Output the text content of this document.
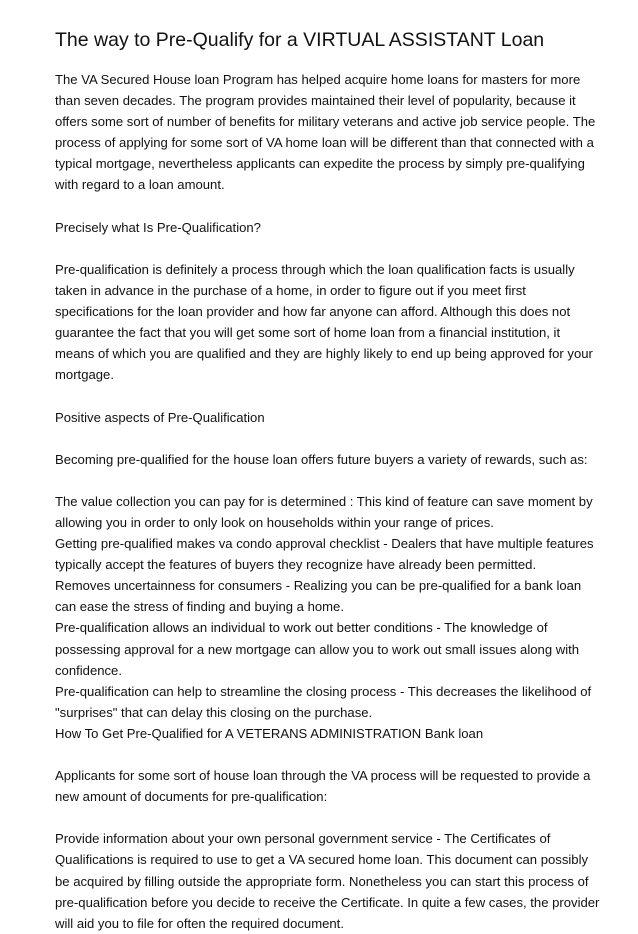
The way to Pre-Qualify for a VIRTUAL ASSISTANT Loan
The VA Secured House loan Program has helped acquire home loans for masters for more than seven decades. The program provides maintained their level of popularity, because it offers some sort of number of benefits for military veterans and active job service people. The process of applying for some sort of VA home loan will be different than that connected with a typical mortgage, nevertheless applicants can expedite the process by simply pre-qualifying with regard to a loan amount.
Precisely what Is Pre-Qualification?
Pre-qualification is definitely a process through which the loan qualification facts is usually taken in advance in the purchase of a home, in order to figure out if you meet first specifications for the loan provider and how far anyone can afford. Although this does not guarantee the fact that you will get some sort of home loan from a financial institution, it means of which you are qualified and they are highly likely to end up being approved for your mortgage.
Positive aspects of Pre-Qualification
Becoming pre-qualified for the house loan offers future buyers a variety of rewards, such as:

The value collection you can pay for is determined : This kind of feature can save moment by allowing you in order to only look on households within your range of prices.

Getting pre-qualified makes va condo approval checklist - Dealers that have multiple features typically accept the features of buyers they recognize have already been permitted.

Removes uncertainness for consumers - Realizing you can be pre-qualified for a bank loan can ease the stress of finding and buying a home.

Pre-qualification allows an individual to work out better conditions - The knowledge of possessing approval for a new mortgage can allow you to work out small issues along with confidence.

Pre-qualification can help to streamline the closing process - This decreases the likelihood of "surprises" that can delay this closing on the purchase.

How To Get Pre-Qualified for A VETERANS ADMINISTRATION Bank loan

Applicants for some sort of house loan through the VA process will be requested to provide a new amount of documents for pre-qualification:
Provide information about your own personal government service - The Certificates of Qualifications is required to use to get a VA secured home loan. This document can possibly be acquired by filling outside the appropriate form. Nonetheless you can start this process of pre-qualification before you decide to receive the Certificate. In quite a few cases, the provider will aid you to file for often the required document.
